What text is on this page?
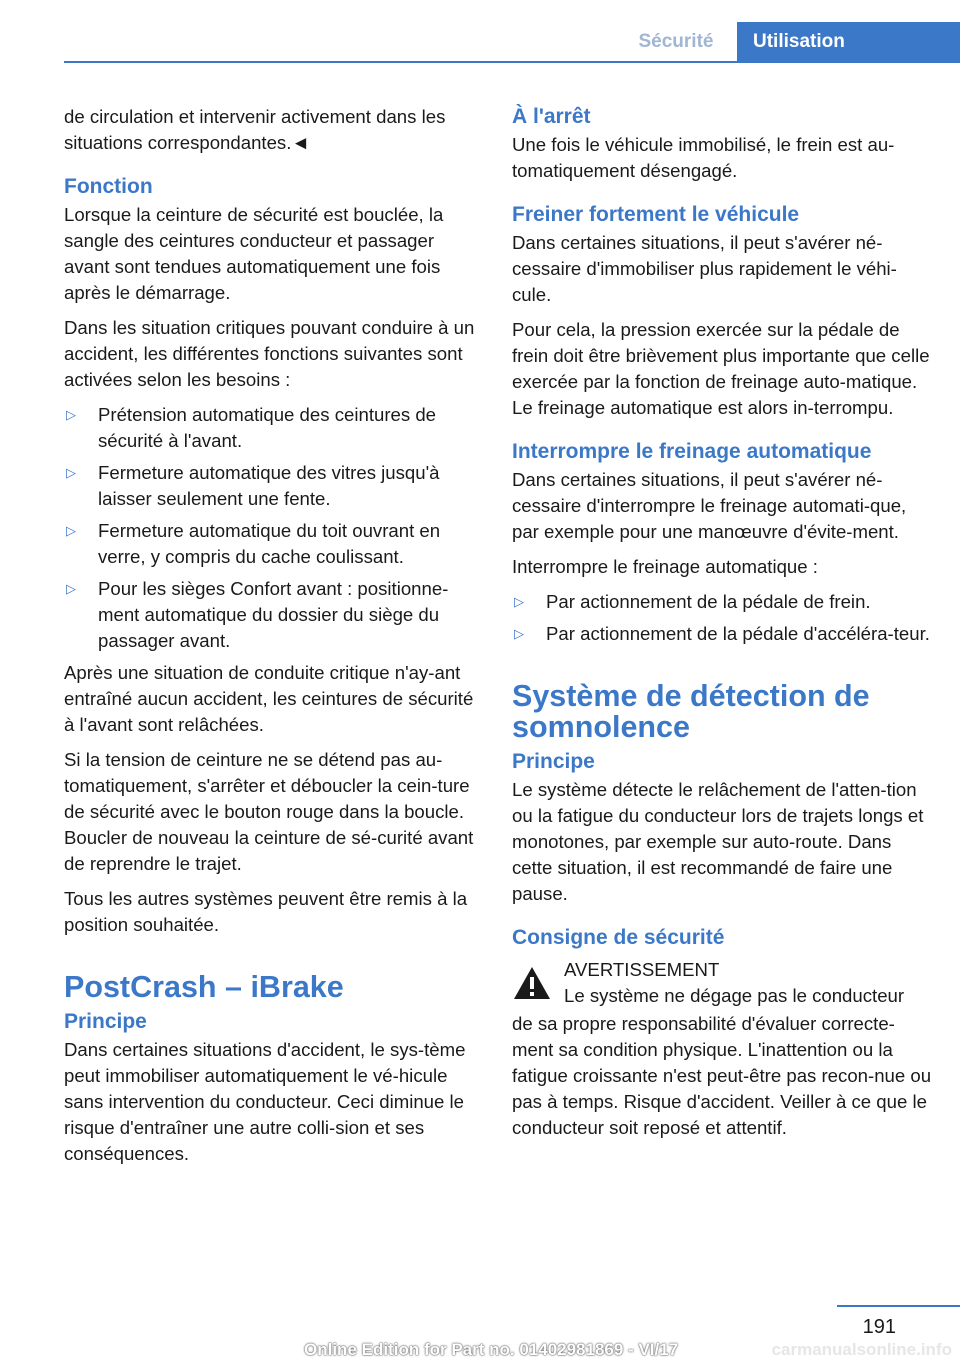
Sécurité	Utilisation

de circulation et intervenir activement dans les situations correspondantes.◄

Fonction

Lorsque la ceinture de sécurité est bouclée, la sangle des ceintures conducteur et passager avant sont tendues automatiquement une fois après le démarrage.

Dans les situation critiques pouvant conduire à un accident, les différentes fonctions suivantes sont activées selon les besoins :

▷ Prétension automatique des ceintures de sécurité à l'avant.
▷ Fermeture automatique des vitres jusqu'à laisser seulement une fente.
▷ Fermeture automatique du toit ouvrant en verre, y compris du cache coulissant.
▷ Pour les sièges Confort avant : positionne-ment automatique du dossier du siège du passager avant.

Après une situation de conduite critique n'ay-ant entraîné aucun accident, les ceintures de sécurité à l'avant sont relâchées.

Si la tension de ceinture ne se détend pas au-tomatiquement, s'arrêter et déboucler la cein-ture de sécurité avec le bouton rouge dans la boucle. Boucler de nouveau la ceinture de sé-curité avant de reprendre le trajet.

Tous les autres systèmes peuvent être remis à la position souhaitée.

PostCrash – iBrake
Principe

Dans certaines situations d'accident, le sys-tème peut immobiliser automatiquement le vé-hicule sans intervention du conducteur. Ceci diminue le risque d'entraîner une autre colli-sion et ses conséquences.

À l'arrêt

Une fois le véhicule immobilisé, le frein est au-tomatiquement désengagé.

Freiner fortement le véhicule

Dans certaines situations, il peut s'avérer né-cessaire d'immobiliser plus rapidement le véhi-cule.

Pour cela, la pression exercée sur la pédale de frein doit être brièvement plus importante que celle exercée par la fonction de freinage auto-matique. Le freinage automatique est alors in-terrompu.

Interrompre le freinage automatique

Dans certaines situations, il peut s'avérer né-cessaire d'interrompre le freinage automati-que, par exemple pour une manœuvre d'évite-ment.

Interrompre le freinage automatique :

▷ Par actionnement de la pédale de frein.
▷ Par actionnement de la pédale d'accéléra-teur.
Système de détection de somnolence
Principe

Le système détecte le relâchement de l'atten-tion ou la fatigue du conducteur lors de trajets longs et monotones, par exemple sur auto-route. Dans cette situation, il est recommandé de faire une pause.

Consigne de sécurité
AVERTISSEMENT
Le système ne dégage pas le conducteur
de sa propre responsabilité d'évaluer correcte-ment sa condition physique. L'inattention ou la fatigue croissante n'est peut-être pas recon-nue ou pas à temps. Risque d'accident. Veiller à ce que le conducteur soit reposé et attentif.
191
Online Edition for Part no. 01402981869 - VI/17	carmanualsonline.info
